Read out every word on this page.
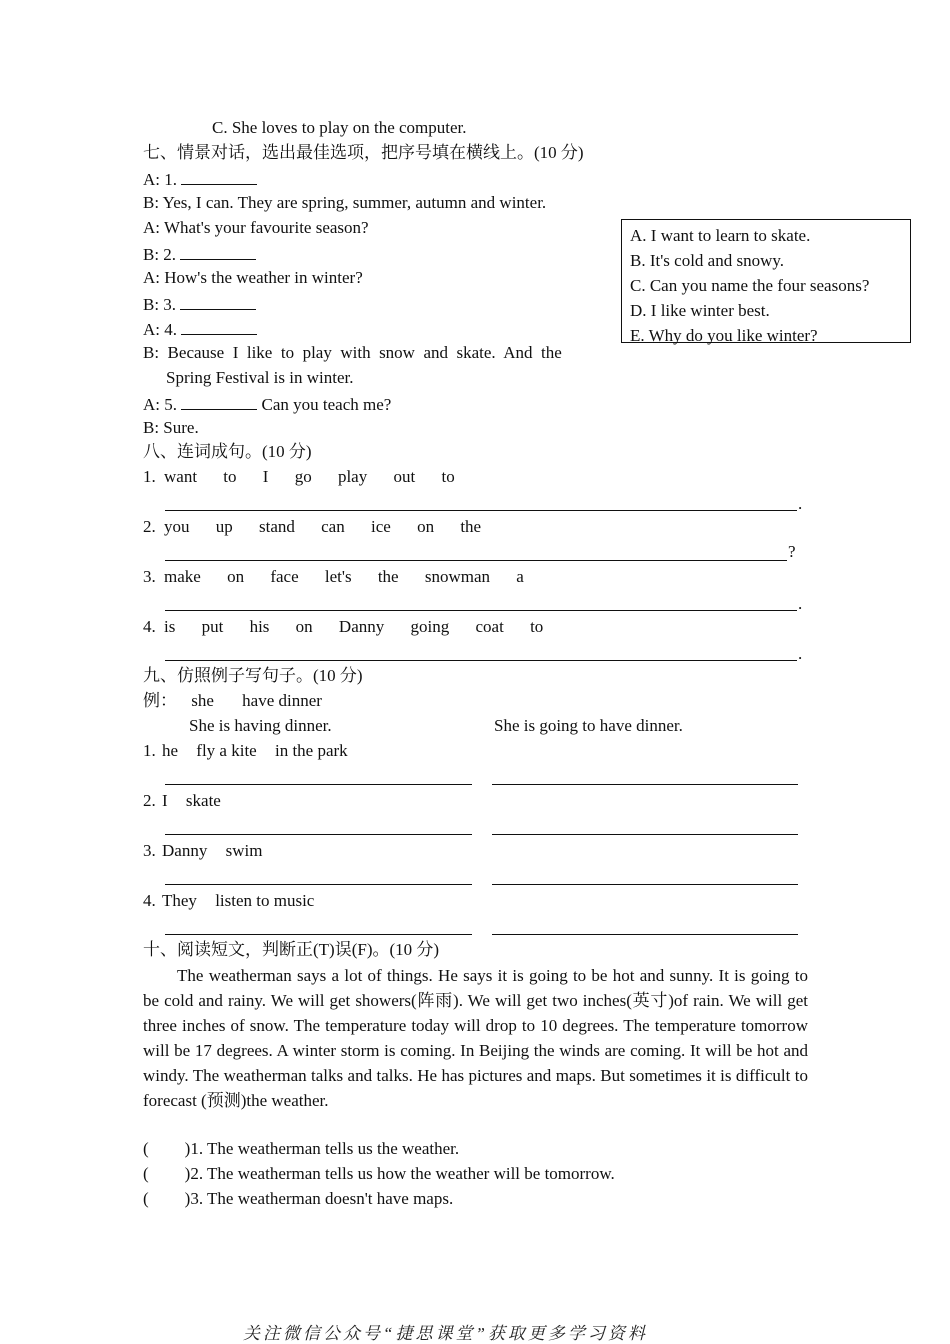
C. She loves to play on the computer.
七、情景对话，选出最佳选项，把序号填在横线上。(10 分)
A: 1.
B: Yes, I can. They are spring, summer, autumn and winter.
A: What's your favourite season?
B: 2.
A: How's the weather in winter?
B: 3.
A: 4.
B:  Because  I  like  to  play  with  snow  and  skate.  And  the
Spring Festival is in winter.
A: 5.	Can you teach me?
B: Sure.
A. I want to learn to skate.
B. It's cold and snowy.
C. Can you name the four seasons?
D. I like winter best.
E. Why do you like winter?
八、连词成句。(10 分)
1. want to I go play out to
.
2. you up stand can ice on the
?
3. make on face let's the snowman a
.
4. is put his on Danny going coat to
.
九、仿照例子写句子。(10 分)
例： she have dinner
She is having dinner.	She is going to have dinner.
1. he fly a kite in the park
2. I skate
3. Danny swim
4. They listen to music
十、阅读短文，判断正(T)误(F)。(10 分)
The weatherman says a lot of things. He says it is going to be hot and sunny. It is going to be cold and rainy. We will get showers(阵雨). We will get two inches(英寸)of rain. We will get three inches of snow. The temperature today will drop to 10 degrees. The temperature tomorrow will be 17 degrees. A winter storm is coming. In Beijing the winds are coming. It will be hot and windy. The weatherman talks and talks. He has pictures and maps. But sometimes it is difficult to forecast (预测)the weather.
( )1. The weatherman tells us the weather.
( )2. The weatherman tells us how the weather will be tomorrow.
( )3. The weatherman doesn't have maps.
关注微信公众号“捷思课堂”获取更多学习资料
